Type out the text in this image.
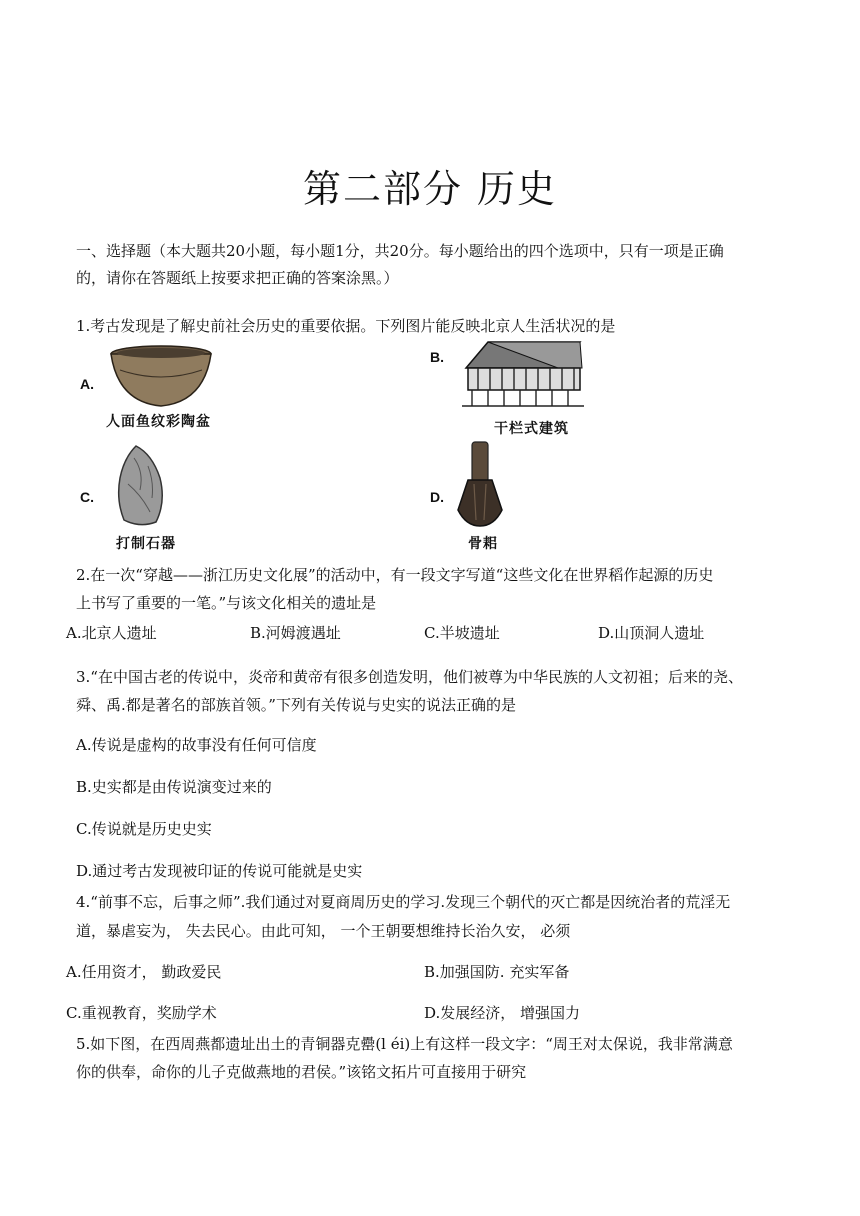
第二部分 历史
一、选择题（本大题共20小题，每小题1分，共20分。每小题给出的四个选项中，只有一项是正确
的，请你在答题纸上按要求把正确的答案涂黑。）
1.考古发现是了解史前社会历史的重要依据。下列图片能反映北京人生活状况的是
A.
人面鱼纹彩陶盆
B.
干栏式建筑
C.
打制石器
D.
骨耜
2.在一次“穿越——浙江历史文化展”的活动中，有一段文字写道“这些文化在世界稻作起源的历史
上书写了重要的一笔。”与该文化相关的遗址是
A.北京人遗址	B.河姆渡遇址	C.半坡遗址	D.山顶洞人遗址
3.“在中国古老的传说中，炎帝和黄帝有很多创造发明，他们被尊为中华民族的人文初祖；后来的尧、
舜、禹.都是著名的部族首领。”下列有关传说与史实的说法正确的是
A.传说是虚构的故事没有任何可信度
B.史实都是由传说演变过来的
C.传说就是历史史实
D.通过考古发现被印证的传说可能就是史实
4.“前事不忘，后事之师”.我们通过对夏商周历史的学习.发现三个朝代的灭亡都是因统治者的荒淫无
道，暴虐妄为， 失去民心。由此可知， 一个王朝要想维持长治久安， 必须
A.任用资才， 勤政爱民	B.加强国防. 充实军备
C.重视教育，奖励学术	D.发展经济， 增强国力
5.如下图，在西周燕都遗址出土的青铜器克罍(l éi)上有这样一段文字：“周王对太保说，我非常满意
你的供奉，命你的儿子克做燕地的君侯。”该铭文拓片可直接用于研究
